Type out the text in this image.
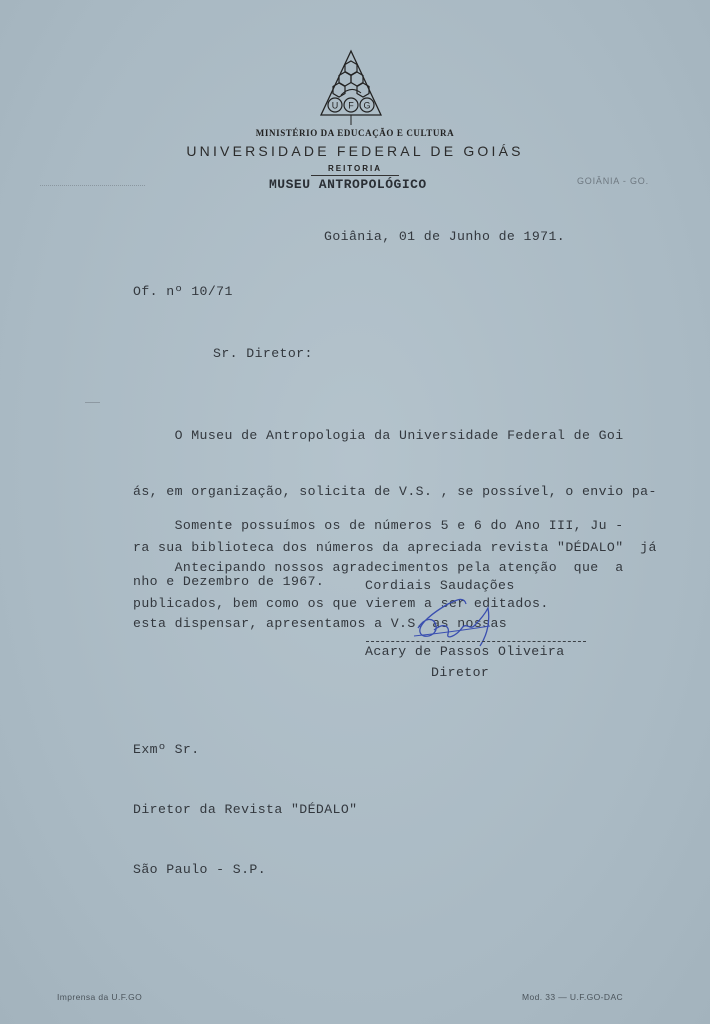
U F G
MINISTÉRIO DA EDUCAÇÃO E CULTURA
UNIVERSIDADE FEDERAL DE GOIÁS
REITORIA
MUSEU ANTROPOLÓGICO	GOIÂNIA - GO.
Goiânia, 01 de Junho de 1971.
Of. nº 10/71
Sr. Diretor:

O Museu de Antropologia da Universidade Federal de Goi

ás, em organização, solicita de V.S. , se possível, o envio pa-

ra sua biblioteca dos números da apreciada revista "DÉDALO"  já

publicados, bem como os que vierem a ser editados.

Somente possuímos os de números 5 e 6 do Ano III, Ju -

nho e Dezembro de 1967.

Antecipando nossos agradecimentos pela atenção  que  a

esta dispensar, apresentamos a V.S. as nossas

Cordiais Saudações
Acary de Passos Oliveira
Diretor

Exmº Sr.

Diretor da Revista "DÉDALO"

São Paulo - S.P.

Imprensa da U.F.GO	Mod. 33 — U.F.GO-DAC
